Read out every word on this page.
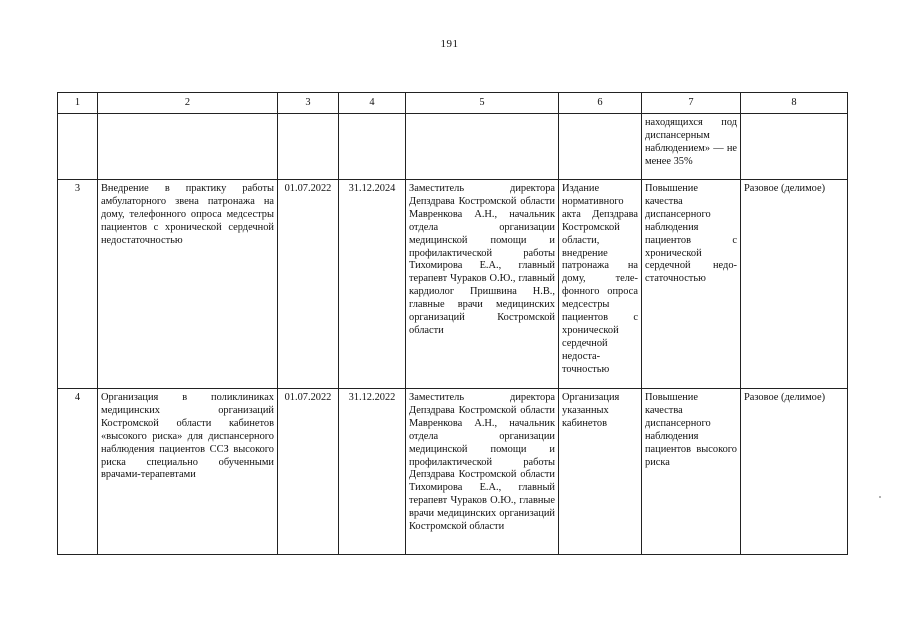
191
1	2	3	4	5	6	7	8
						находящихся под диспансерным наблюдением» — не менее 35%	
3	Внедрение в практику работы амбулаторного звена патронажа на дому, телефонного опроса медсестры пациентов с хронической сердечной недостаточностью	01.07.2022	31.12.2024	Заместитель директора Депздрава Костромской области Мавренкова А.Н., начальник отдела организации медицинской помощи и профилактической работы Тихомирова Е.А., главный терапевт Чураков О.Ю., главный кардиолог Пришвина Н.В., главные врачи медицинских организаций Костромской области	Издание нормативного акта Депздрава Костромской области, внедрение патронажа на дому, телефонного опроса медсестры пациентов с хронической сердечной недостаточностью	Повышение качества диспансерного наблюдения пациентов с хронической сердечной недостаточностью	Разовое (делимое)
4	Организация в поликлиниках медицинских организаций Костромской области кабинетов «высокого риска» для диспансерного наблюдения пациентов ССЗ высокого риска специально обученными врачами-терапевтами	01.07.2022	31.12.2022	Заместитель директора Депздрава Костромской области Мавренкова А.Н., начальник отдела организации медицинской помощи и профилактической работы Депздрава Костромской области Тихомирова Е.А., главный терапевт Чураков О.Ю., главные врачи медицинских организаций Костромской области	Организация указанных кабинетов	Повышение качества диспансерного наблюдения пациентов высокого риска	Разовое (делимое)
